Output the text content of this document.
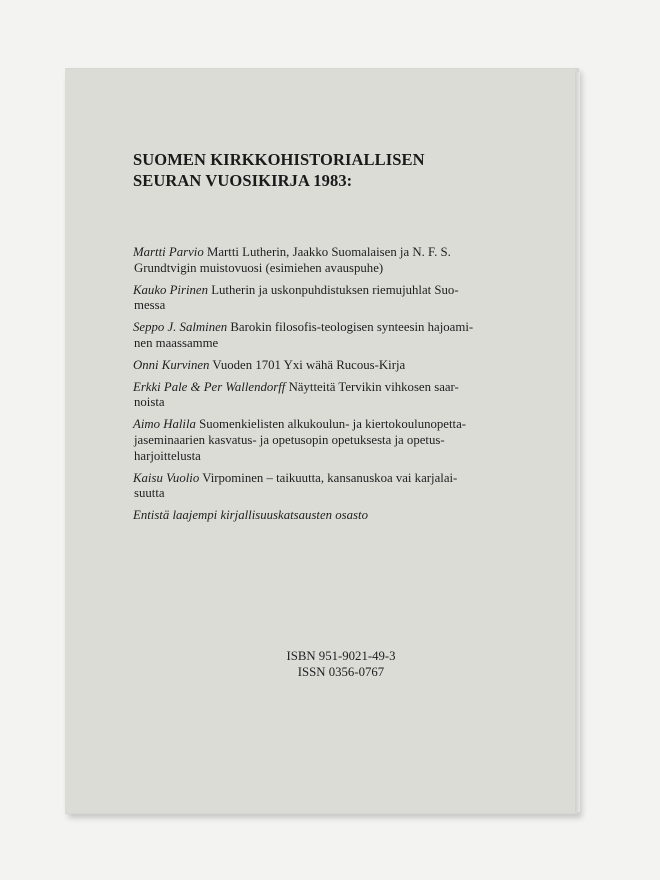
SUOMEN KIRKKOHISTORIALLISEN
SEURAN VUOSIKIRJA 1983:

Martti Parvio Martti Lutherin, Jaakko Suomalaisen ja N. F. S.
Grundtvigin muistovuosi (esimiehen avauspuhe)

Kauko Pirinen Lutherin ja uskonpuhdistuksen riemujuhlat Suo-
messa

Seppo J. Salminen Barokin filosofis-teologisen synteesin hajoami-
nen maassamme

Onni Kurvinen Vuoden 1701 Yxi wähä Rucous-Kirja

Erkki Pale & Per Wallendorff Näytteitä Tervikin vihkosen saar-
noista

Aimo Halila Suomenkielisten alkukoulun- ja kiertokoulunopetta-
jaseminaarien kasvatus- ja opetusopin opetuksesta ja opetus-
harjoittelusta

Kaisu Vuolio Virpominen – taikuutta, kansanuskoa vai karjalai-
suutta

Entistä laajempi kirjallisuuskatsausten osasto

ISBN 951-9021-49-3
ISSN 0356-0767
